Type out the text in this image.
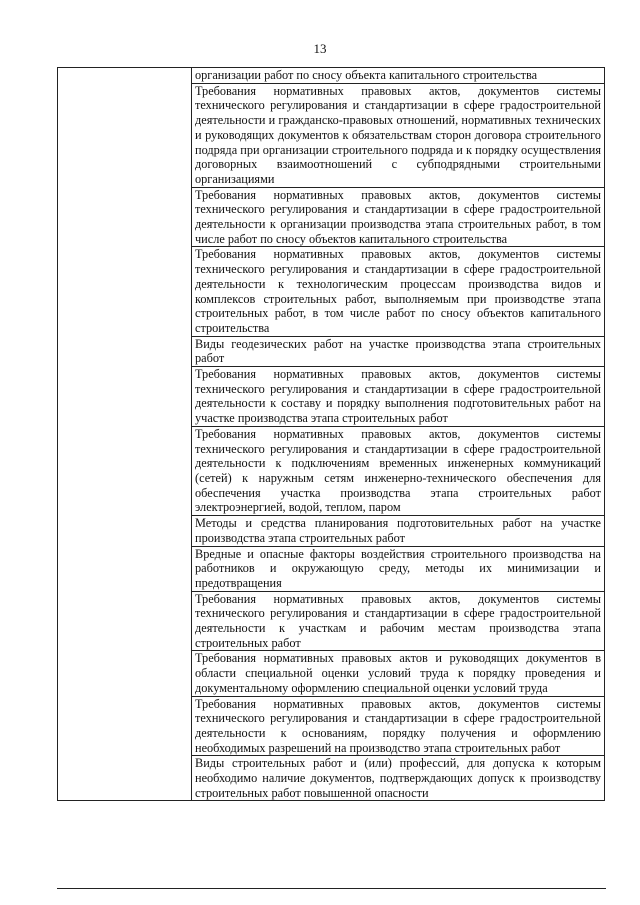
13
	организации работ по сносу объекта капитального строительства
Требования нормативных правовых актов, документов системы технического регулирования и стандартизации в сфере градостроительной деятельности и гражданско-правовых отношений, нормативных технических и руководящих документов к обязательствам сторон договора строительного подряда при организации строительного подряда и к порядку осуществления договорных взаимоотношений с субподрядными строительными организациями
Требования нормативных правовых актов, документов системы технического регулирования и стандартизации в сфере градостроительной деятельности к организации производства этапа строительных работ, в том числе работ по сносу объектов капитального строительства
Требования нормативных правовых актов, документов системы технического регулирования и стандартизации в сфере градостроительной деятельности к технологическим процессам производства видов и комплексов строительных работ, выполняемым при производстве этапа строительных работ, в том числе работ по сносу объектов капитального строительства
Виды геодезических работ на участке производства этапа строительных работ
Требования нормативных правовых актов, документов системы технического регулирования и стандартизации в сфере градостроительной деятельности к составу и порядку выполнения подготовительных работ на участке производства этапа строительных работ
Требования нормативных правовых актов, документов системы технического регулирования и стандартизации в сфере градостроительной деятельности к подключениям временных инженерных коммуникаций (сетей) к наружным сетям инженерно-технического обеспечения для обеспечения участка производства этапа строительных работ электроэнергией, водой, теплом, паром
Методы и средства планирования подготовительных работ на участке производства этапа строительных работ
Вредные и опасные факторы воздействия строительного производства на работников и окружающую среду, методы их минимизации и предотвращения
Требования нормативных правовых актов, документов системы технического регулирования и стандартизации в сфере градостроительной деятельности к участкам и рабочим местам производства этапа строительных работ
Требования нормативных правовых актов и руководящих документов в области специальной оценки условий труда к порядку проведения и документальному оформлению специальной оценки условий труда
Требования нормативных правовых актов, документов системы технического регулирования и стандартизации в сфере градостроительной деятельности к основаниям, порядку получения и оформлению необходимых разрешений на производство этапа строительных работ
Виды строительных работ и (или) профессий, для допуска к которым необходимо наличие документов, подтверждающих допуск к производству строительных работ повышенной опасности
